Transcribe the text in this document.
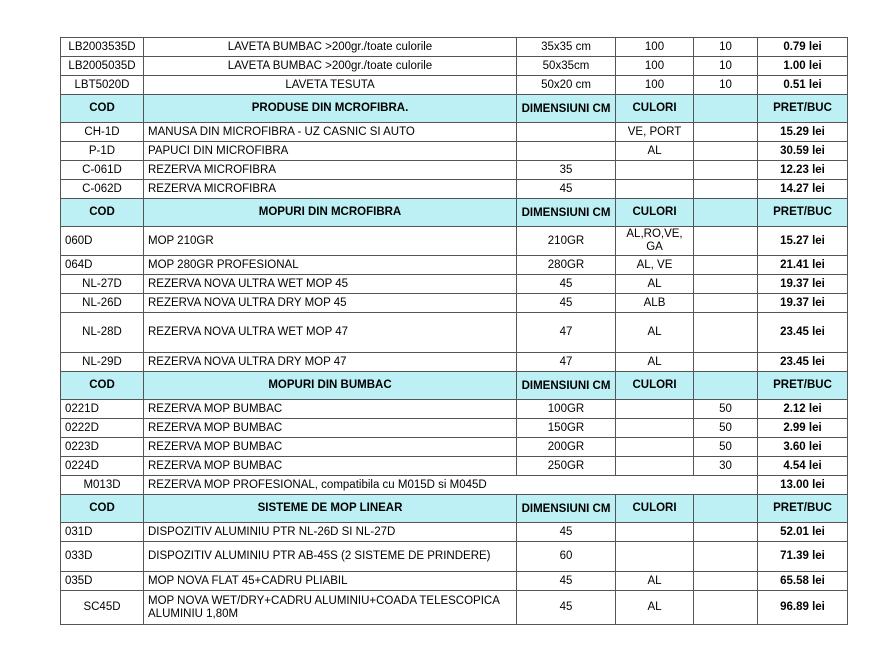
LB2003535D	LAVETA BUMBAC >200gr./toate culorile	35x35 cm	100	10	0.79 lei
LB2005035D	LAVETA BUMBAC >200gr./toate culorile	50x35cm	100	10	1.00 lei
LBT5020D	LAVETA TESUTA	50x20 cm	100	10	0.51 lei
COD	PRODUSE DIN MCROFIBRA.	DIMENSIUNI CM	CULORI		PRET/BUC
CH-1D	MANUSA DIN MICROFIBRA - UZ CASNIC SI AUTO		VE, PORT		15.29 lei
P-1D	PAPUCI DIN MICROFIBRA		AL		30.59 lei
C-061D	REZERVA MICROFIBRA	35			12.23 lei
C-062D	REZERVA MICROFIBRA	45			14.27 lei
COD	MOPURI DIN MCROFIBRA	DIMENSIUNI CM	CULORI		PRET/BUC
060D	MOP 210GR	210GR	AL,RO,VE, GA		15.27 lei
064D	MOP 280GR PROFESIONAL	280GR	AL, VE		21.41 lei
NL-27D	REZERVA NOVA ULTRA WET MOP 45	45	AL		19.37 lei
NL-26D	REZERVA NOVA ULTRA DRY MOP 45	45	ALB		19.37 lei
NL-28D	REZERVA NOVA ULTRA WET MOP 47	47	AL		23.45 lei
NL-29D	REZERVA NOVA ULTRA DRY MOP 47	47	AL		23.45 lei
COD	MOPURI DIN BUMBAC	DIMENSIUNI CM	CULORI		PRET/BUC
0221D	REZERVA MOP BUMBAC	100GR		50	2.12 lei
0222D	REZERVA MOP BUMBAC	150GR		50	2.99 lei
0223D	REZERVA MOP BUMBAC	200GR		50	3.60 lei
0224D	REZERVA MOP BUMBAC	250GR		30	4.54 lei
M013D	REZERVA MOP PROFESIONAL, compatibila cu M015D si M045D				13.00 lei
COD	SISTEME DE MOP LINEAR	DIMENSIUNI CM	CULORI		PRET/BUC
031D	DISPOZITIV ALUMINIU PTR NL-26D SI NL-27D	45			52.01 lei
033D	DISPOZITIV ALUMINIU PTR AB-45S (2 SISTEME DE PRINDERE)	60			71.39 lei
035D	MOP NOVA FLAT 45+CADRU PLIABIL	45	AL		65.58 lei
SC45D	MOP NOVA WET/DRY+CADRU ALUMINIU+COADA TELESCOPICA ALUMINIU 1,80M	45	AL		96.89 lei
